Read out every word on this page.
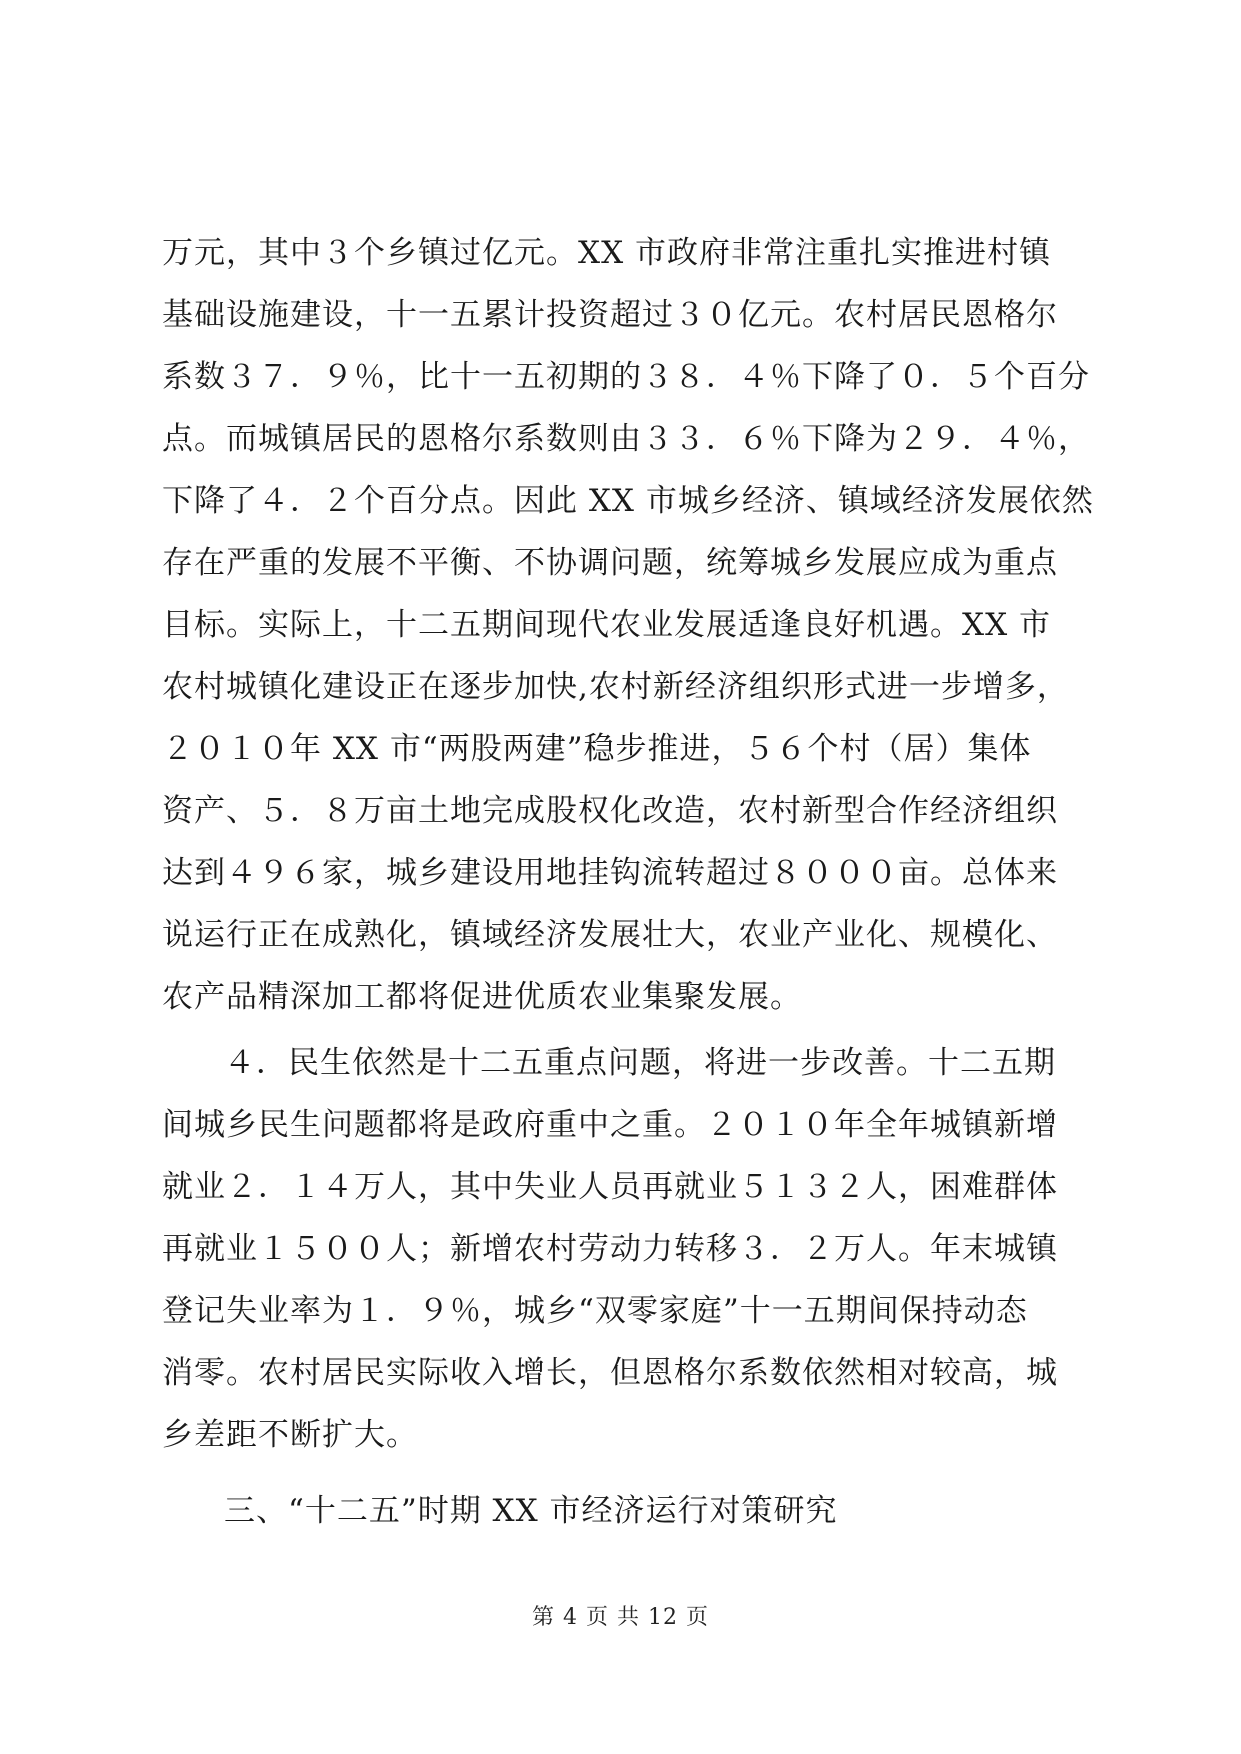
万元，其中３个乡镇过亿元。XX 市政府非常注重扎实推进村镇
基础设施建设，十一五累计投资超过３０亿元。农村居民恩格尔
系数３７．９％，比十一五初期的３８．４％下降了０．５个百分
点。而城镇居民的恩格尔系数则由３３．６％下降为２９．４％，
下降了４．２个百分点。因此 XX 市城乡经济、镇域经济发展依然
存在严重的发展不平衡、不协调问题，统筹城乡发展应成为重点
目标。实际上，十二五期间现代农业发展适逢良好机遇。XX 市
农村城镇化建设正在逐步加快,农村新经济组织形式进一步增多，
２０１０年 XX 市“两股两建”稳步推进，５６个村（居）集体
资产、５．８万亩土地完成股权化改造，农村新型合作经济组织
达到４９６家，城乡建设用地挂钩流转超过８０００亩。总体来
说运行正在成熟化，镇域经济发展壮大，农业产业化、规模化、
农产品精深加工都将促进优质农业集聚发展。
４．民生依然是十二五重点问题，将进一步改善。十二五期
间城乡民生问题都将是政府重中之重。２０１０年全年城镇新增
就业２．１４万人，其中失业人员再就业５１３２人，困难群体
再就业１５００人；新增农村劳动力转移３．２万人。年末城镇
登记失业率为１．９％，城乡“双零家庭”十一五期间保持动态
消零。农村居民实际收入增长，但恩格尔系数依然相对较高，城
乡差距不断扩大。
三、“十二五”时期 XX 市经济运行对策研究
第 4 页 共 12 页
